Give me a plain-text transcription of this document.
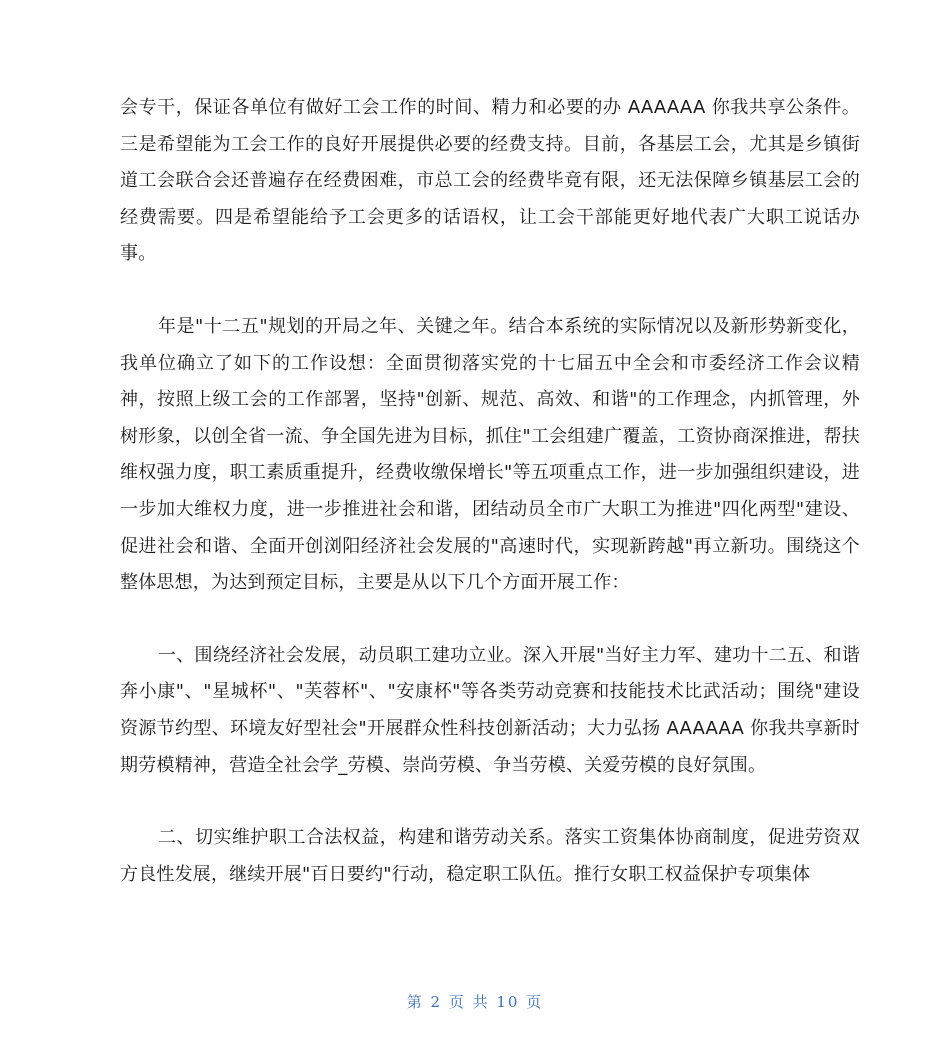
会专干，保证各单位有做好工会工作的时间、精力和必要的办 AAAAAA 你我共享公条件。三是希望能为工会工作的良好开展提供必要的经费支持。目前，各基层工会，尤其是乡镇街道工会联合会还普遍存在经费困难，市总工会的经费毕竟有限，还无法保障乡镇基层工会的经费需要。四是希望能给予工会更多的话语权，让工会干部能更好地代表广大职工说话办事。

年是"十二五"规划的开局之年、关键之年。结合本系统的实际情况以及新形势新变化，我单位确立了如下的工作设想：全面贯彻落实党的十七届五中全会和市委经济工作会议精神，按照上级工会的工作部署，坚持"创新、规范、高效、和谐"的工作理念，内抓管理，外树形象，以创全省一流、争全国先进为目标，抓住"工会组建广覆盖，工资协商深推进，帮扶维权强力度，职工素质重提升，经费收缴保增长"等五项重点工作，进一步加强组织建设，进一步加大维权力度，进一步推进社会和谐，团结动员全市广大职工为推进"四化两型"建设、促进社会和谐、全面开创浏阳经济社会发展的"高速时代，实现新跨越"再立新功。围绕这个整体思想，为达到预定目标，主要是从以下几个方面开展工作：

一、围绕经济社会发展，动员职工建功立业。深入开展"当好主力军、建功十二五、和谐奔小康"、"星城杯"、"芙蓉杯"、"安康杯"等各类劳动竞赛和技能技术比武活动；围绕"建设资源节约型、环境友好型社会"开展群众性科技创新活动；大力弘扬 AAAAAA 你我共享新时期劳模精神，营造全社会学_劳模、崇尚劳模、争当劳模、关爱劳模的良好氛围。

二、切实维护职工合法权益，构建和谐劳动关系。落实工资集体协商制度，促进劳资双方良性发展，继续开展"百日要约"行动，稳定职工队伍。推行女职工权益保护专项集体

第 2 页 共 10 页
